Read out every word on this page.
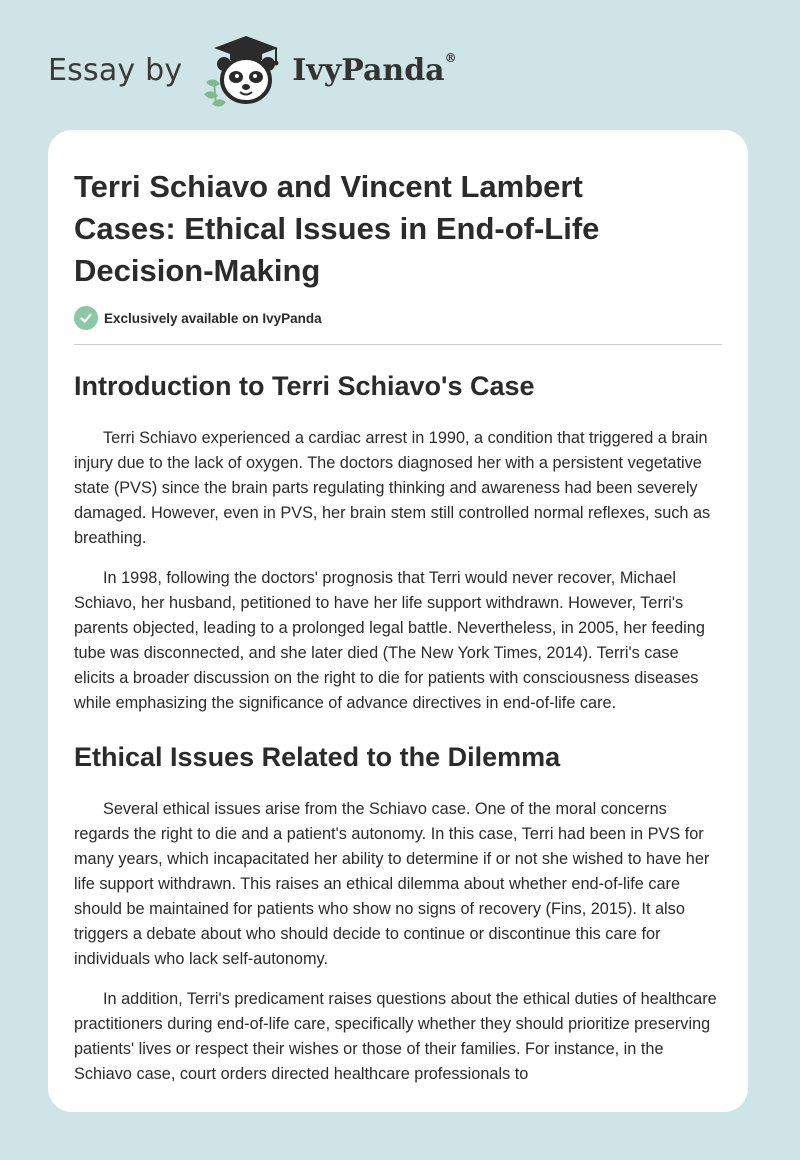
Essay by	IvyPanda®
Terri Schiavo and Vincent Lambert Cases: Ethical Issues in End-of-Life Decision-Making
Exclusively available on IvyPanda
Introduction to Terri Schiavo's Case

Terri Schiavo experienced a cardiac arrest in 1990, a condition that triggered a brain injury due to the lack of oxygen. The doctors diagnosed her with a persistent vegetative state (PVS) since the brain parts regulating thinking and awareness had been severely damaged. However, even in PVS, her brain stem still controlled normal reflexes, such as breathing.

In 1998, following the doctors' prognosis that Terri would never recover, Michael Schiavo, her husband, petitioned to have her life support withdrawn. However, Terri's parents objected, leading to a prolonged legal battle. Nevertheless, in 2005, her feeding tube was disconnected, and she later died (The New York Times, 2014). Terri's case elicits a broader discussion on the right to die for patients with consciousness diseases while emphasizing the significance of advance directives in end-of-life care.

Ethical Issues Related to the Dilemma

Several ethical issues arise from the Schiavo case. One of the moral concerns regards the right to die and a patient's autonomy. In this case, Terri had been in PVS for many years, which incapacitated her ability to determine if or not she wished to have her life support withdrawn. This raises an ethical dilemma about whether end-of-life care should be maintained for patients who show no signs of recovery (Fins, 2015). It also triggers a debate about who should decide to continue or discontinue this care for individuals who lack self-autonomy.

In addition, Terri's predicament raises questions about the ethical duties of healthcare practitioners during end-of-life care, specifically whether they should prioritize preserving patients' lives or respect their wishes or those of their families. For instance, in the Schiavo case, court orders directed healthcare professionals to
